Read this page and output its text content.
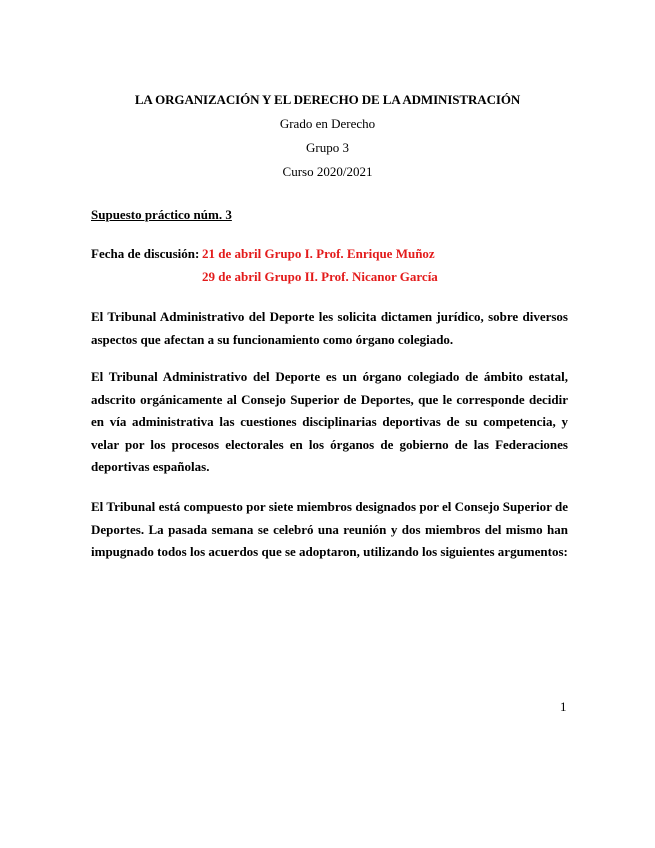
LA ORGANIZACIÓN Y EL DERECHO DE LA ADMINISTRACIÓN
Grado en Derecho
Grupo 3
Curso 2020/2021
Supuesto práctico núm. 3
Fecha de discusión: 21 de abril Grupo I. Prof. Enrique Muñoz
29 de abril Grupo II. Prof. Nicanor García

El Tribunal Administrativo del Deporte les solicita dictamen jurídico, sobre diversos aspectos que afectan a su funcionamiento como órgano colegiado.

El Tribunal Administrativo del Deporte es un órgano colegiado de ámbito estatal, adscrito orgánicamente al Consejo Superior de Deportes, que le corresponde decidir en vía administrativa las cuestiones disciplinarias deportivas de su competencia, y velar por los procesos electorales en los órganos de gobierno de las Federaciones deportivas españolas.

El Tribunal está compuesto por siete miembros designados por el Consejo Superior de Deportes. La pasada semana se celebró una reunión y dos miembros del mismo han impugnado todos los acuerdos que se adoptaron, utilizando los siguientes argumentos:

1
